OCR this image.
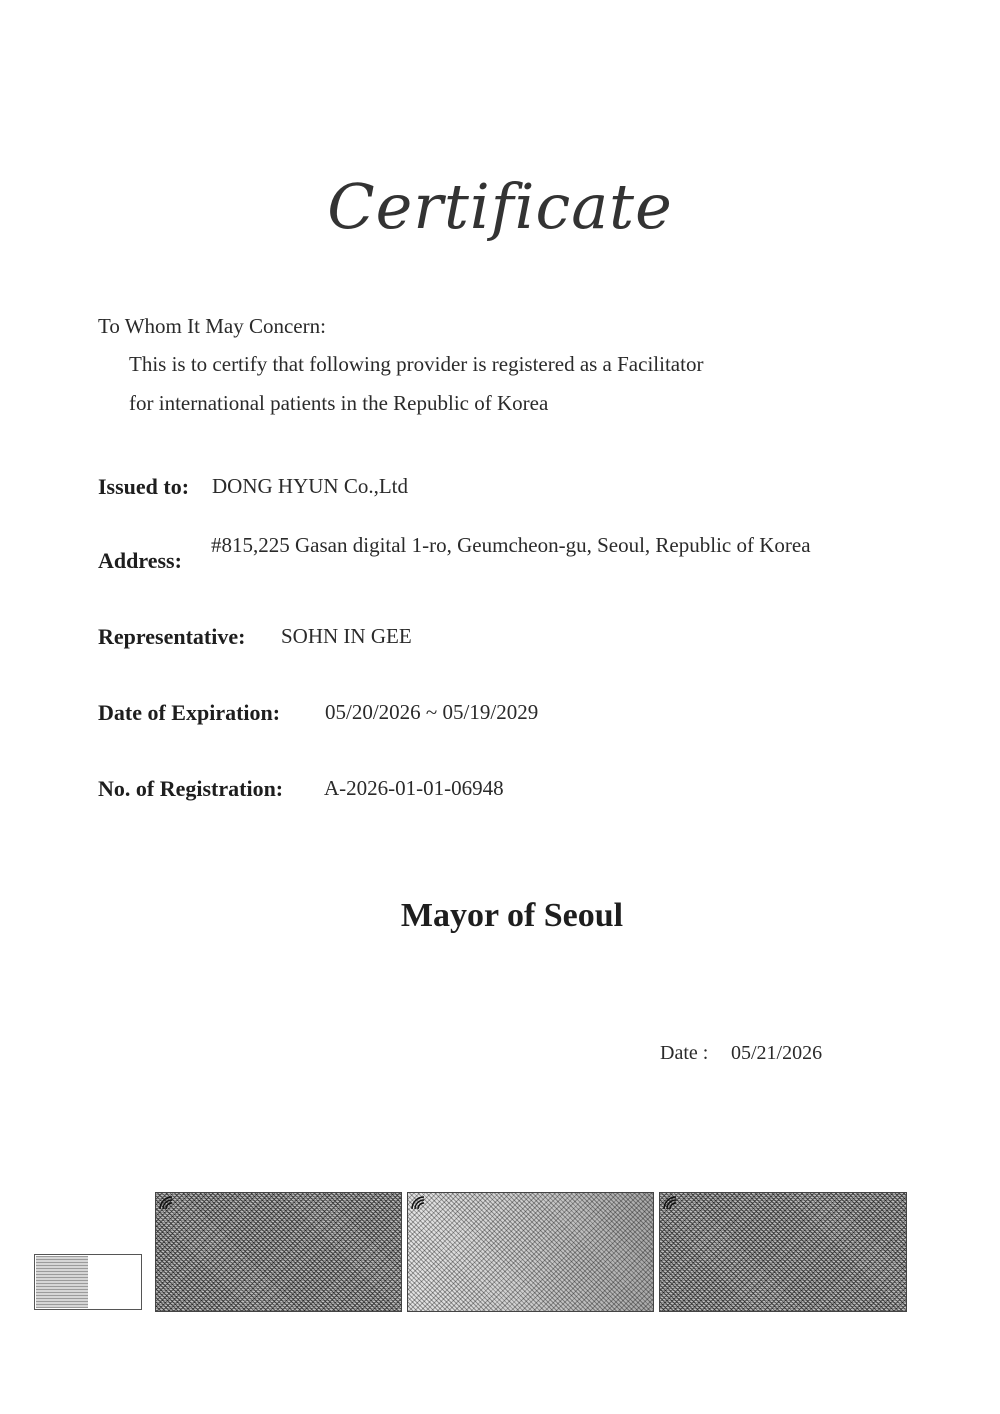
Certificate
To Whom It May Concern:
This is to certify that following provider is registered as a Facilitator
for international patients in the Republic of Korea
Issued to: DONG HYUN Co.,Ltd
Address:
#815,225 Gasan digital 1-ro, Geumcheon-gu, Seoul, Republic of Korea
Representative: SOHN IN GEE
Date of Expiration: 05/20/2026 ~ 05/19/2029
No. of Registration: A-2026-01-01-06948
Mayor of Seoul
Date : 05/21/2026
